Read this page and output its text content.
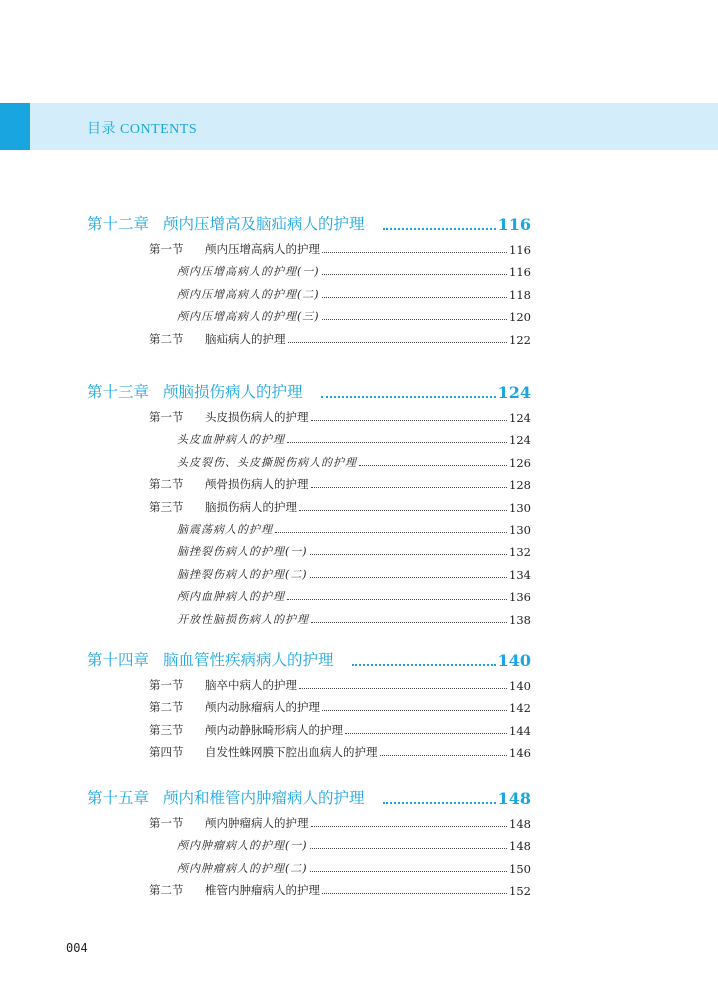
目录 CONTENTS
第十二章 颅内压增高及脑疝病人的护理	116
第一节	颅内压增高病人的护理	116
颅内压增高病人的护理(一)	116
颅内压增高病人的护理(二)	118
颅内压增高病人的护理(三)	120
第二节	脑疝病人的护理	122
第十三章 颅脑损伤病人的护理	124
第一节	头皮损伤病人的护理	124
头皮血肿病人的护理	124
头皮裂伤、头皮撕脱伤病人的护理	126
第二节	颅骨损伤病人的护理	128
第三节	脑损伤病人的护理	130
脑震荡病人的护理	130
脑挫裂伤病人的护理(一)	132
脑挫裂伤病人的护理(二)	134
颅内血肿病人的护理	136
开放性脑损伤病人的护理	138
第十四章 脑血管性疾病病人的护理	140
第一节	脑卒中病人的护理	140
第二节	颅内动脉瘤病人的护理	142
第三节	颅内动静脉畸形病人的护理	144
第四节	自发性蛛网膜下腔出血病人的护理	146
第十五章 颅内和椎管内肿瘤病人的护理	148
第一节	颅内肿瘤病人的护理	148
颅内肿瘤病人的护理(一)	148
颅内肿瘤病人的护理(二)	150
第二节	椎管内肿瘤病人的护理	152
004
